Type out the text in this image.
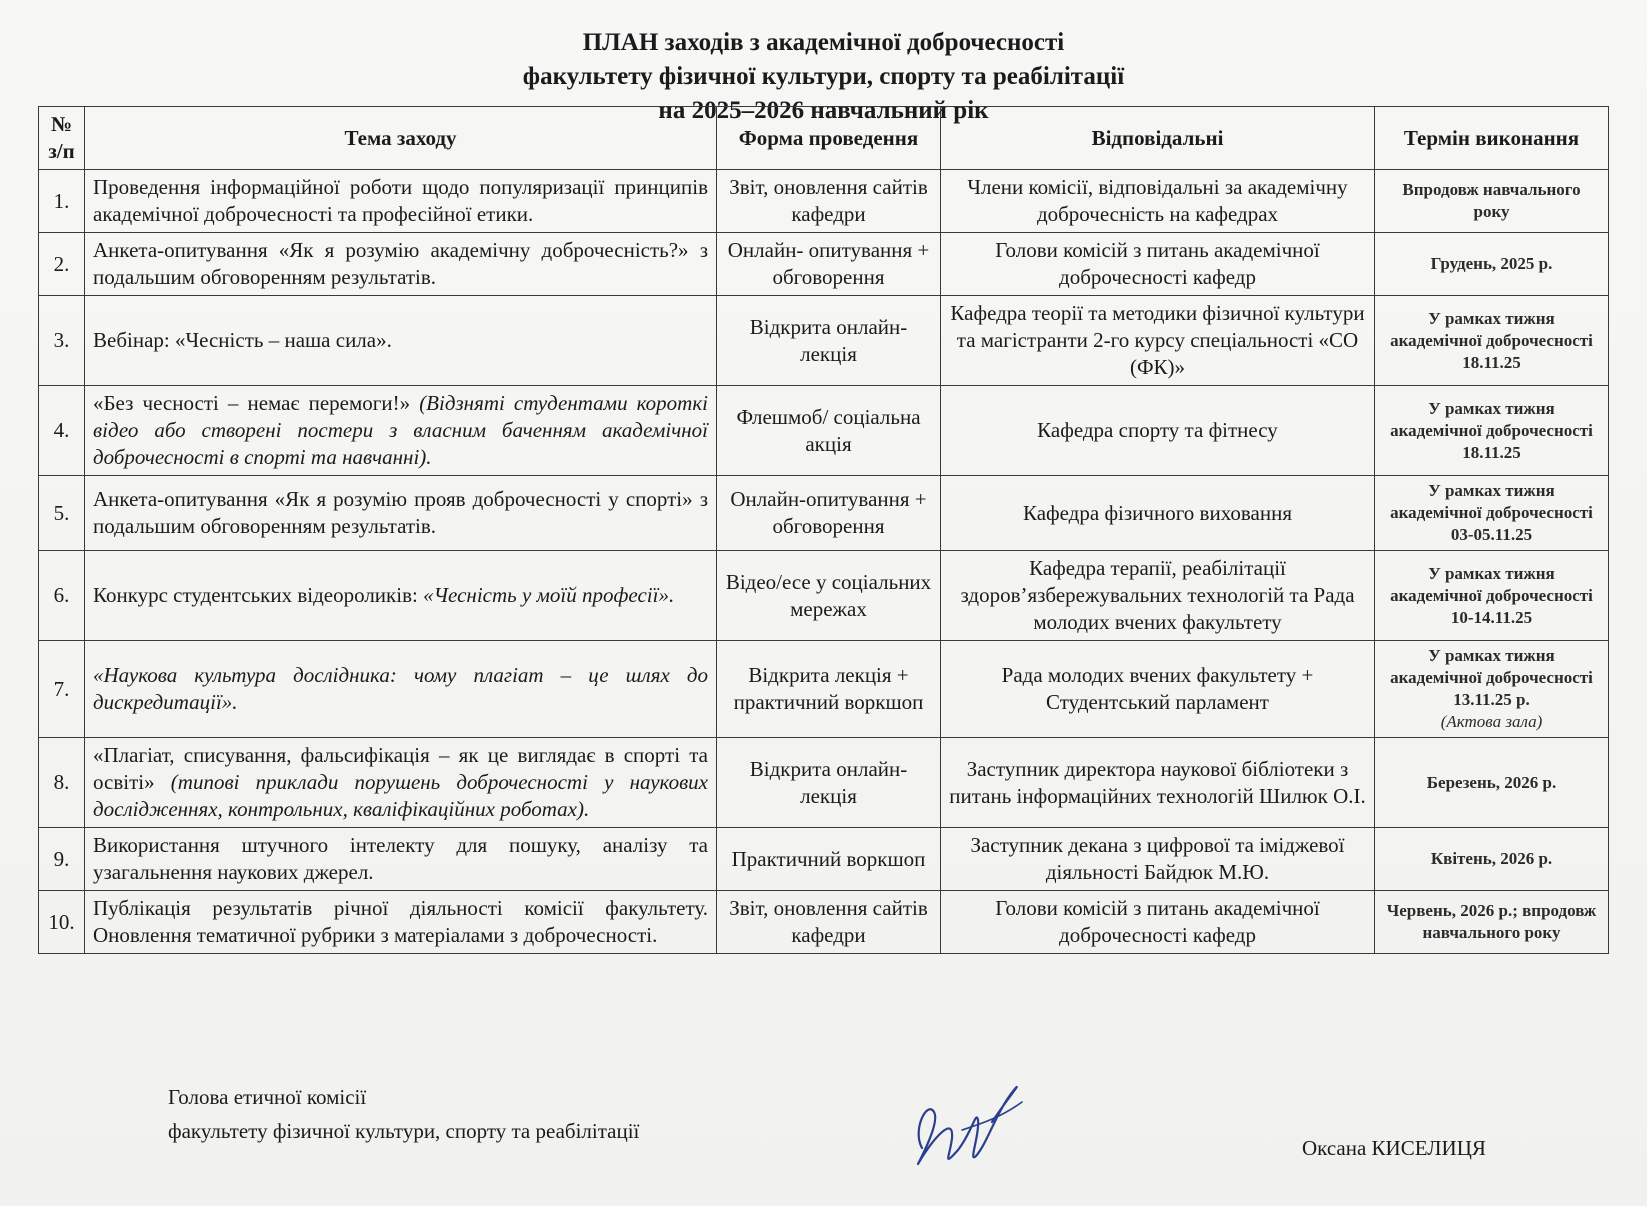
ПЛАН заходів з академічної доброчесності
факультету фізичної культури, спорту та реабілітації
на 2025–2026 навчальний рік
№ з/п	Тема заходу	Форма проведення	Відповідальні	Термін виконання
1.	Проведення інформаційної роботи щодо популяризації принципів академічної доброчесності та професійної етики.	Звіт, оновлення сайтів кафедри	Члени комісії, відповідальні за академічну доброчесність на кафедрах	Впродовж навчального року

2.	Анкета-опитування «Як я розумію академічну доброчесність?» з подальшим обговоренням результатів.	Онлайн- опитування + обговорення	Голови комісій з питань академічної доброчесності кафедр	Грудень, 2025 р.

3.	Вебінар: «Чесність – наша сила».	Відкрита онлайн-лекція	Кафедра теорії та методики фізичної культури та магістранти 2-го курсу спеціальності «СО (ФК)»	У рамках тижня академічної доброчесності 18.11.25

4.	«Без чесності – немає перемоги!» (Відзняті студентами короткі відео або створені постери з власним баченням академічної доброчесності в спорті та навчанні).	Флешмоб/ соціальна акція	Кафедра спорту та фітнесу	У рамках тижня академічної доброчесності 18.11.25

5.	Анкета-опитування «Як я розумію прояв доброчесності у спорті» з подальшим обговоренням результатів.	Онлайн-опитування + обговорення	Кафедра фізичного виховання	У рамках тижня академічної доброчесності 03-05.11.25

6.	Конкурс студентських відеороликів: «Чесність у моїй професії».	Відео/есе у соціальних мережах	Кафедра терапії, реабілітації здоров’язбережувальних технологій та Рада молодих вчених факультету	У рамках тижня академічної доброчесності 10-14.11.25

7.	«Наукова культура дослідника: чому плагіат – це шлях до дискредитації».	Відкрита лекція + практичний воркшоп	Рада молодих вчених факультету + Студентський парламент	У рамках тижня академічної доброчесності 13.11.25 р.
(Актова зала)

8.	«Плагіат, списування, фальсифікація – як це виглядає в спорті та освіті» (типові приклади порушень доброчесності у наукових дослідженнях, контрольних, кваліфікаційних роботах).	Відкрита онлайн-лекція	Заступник директора наукової бібліотеки з питань інформаційних технологій Шилюк О.І.	Березень, 2026 р.

9.	Використання штучного інтелекту для пошуку, аналізу та узагальнення наукових джерел.	Практичний воркшоп	Заступник декана з цифрової та іміджевої діяльності Байдюк М.Ю.	Квітень, 2026 р.

10.	Публікація результатів річної діяльності комісії факультету. Оновлення тематичної рубрики з матеріалами з доброчесності.	Звіт, оновлення сайтів кафедри	Голови комісій з питань академічної доброчесності кафедр	Червень, 2026 р.; впродовж навчального року
Голова етичної комісії
факультету фізичної культури, спорту та реабілітації
Оксана КИСЕЛИЦЯ
